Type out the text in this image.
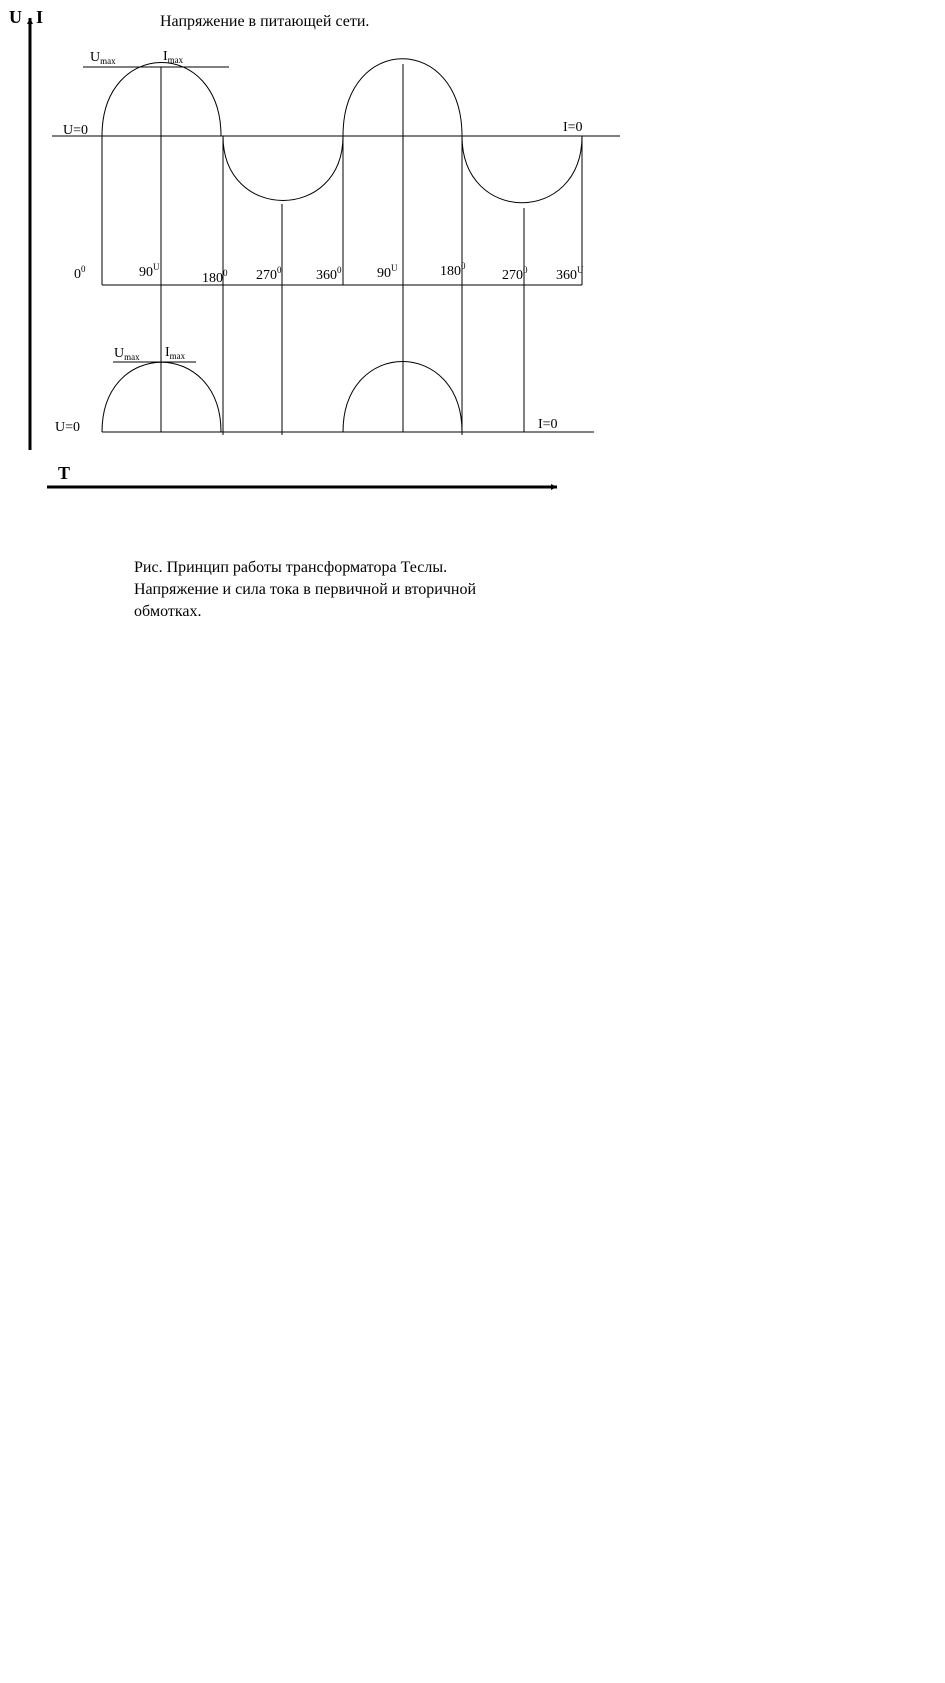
Напряжение в питающей сети.
U I
T
$U_{max}$	$I_{max}$
U=0	I=0
$0^0$	$90^U$
$180^0$ $270^0$ $360^0$	$90^U$	$180^0$
$270^0$ $360^U$
$U_{max}$ $I_{max}$
U=0	I=0
Рис. Принцип работы трансформатора Теслы.
Напряжение и сила тока в первичной и вторичной
обмотках.
